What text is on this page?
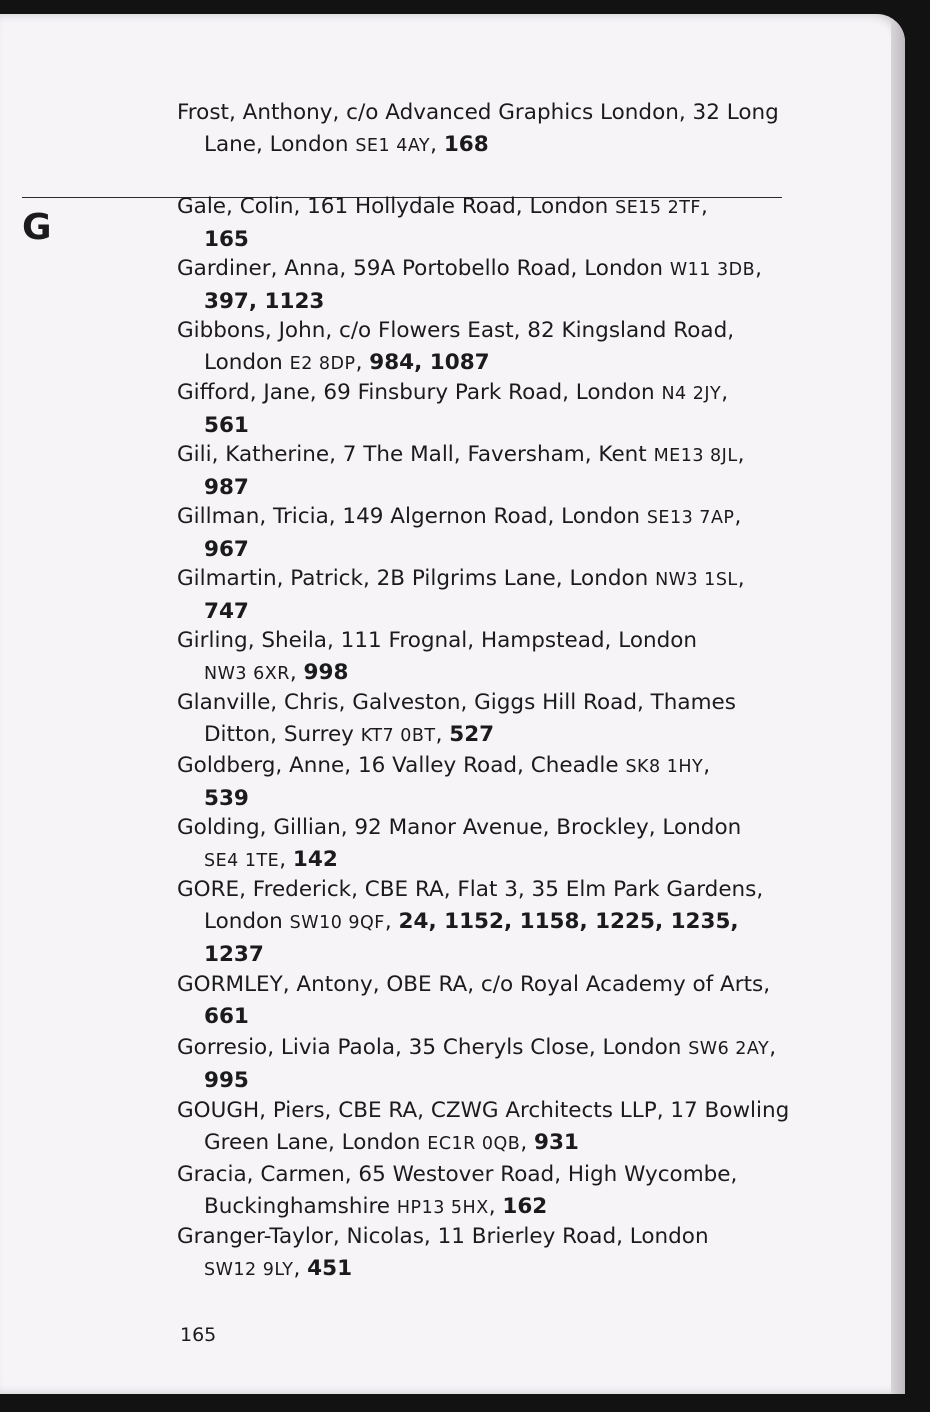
G
Frost, Anthony, c/o Advanced Graphics London, 32 Long
Lane, London SE1 4AY, 168
Gale, Colin, 161 Hollydale Road, London SE15 2TF,
165
Gardiner, Anna, 59A Portobello Road, London W11 3DB,
397, 1123
Gibbons, John, c/o Flowers East, 82 Kingsland Road,
London E2 8DP, 984, 1087
Gifford, Jane, 69 Finsbury Park Road, London N4 2JY,
561
Gili, Katherine, 7 The Mall, Faversham, Kent ME13 8JL,
987
Gillman, Tricia, 149 Algernon Road, London SE13 7AP,
967
Gilmartin, Patrick, 2B Pilgrims Lane, London NW3 1SL,
747
Girling, Sheila, 111 Frognal, Hampstead, London
NW3 6XR, 998
Glanville, Chris, Galveston, Giggs Hill Road, Thames
Ditton, Surrey KT7 0BT, 527
Goldberg, Anne, 16 Valley Road, Cheadle SK8 1HY,
539
Golding, Gillian, 92 Manor Avenue, Brockley, London
SE4 1TE, 142
GORE, Frederick, CBE RA, Flat 3, 35 Elm Park Gardens,
London SW10 9QF, 24, 1152, 1158, 1225, 1235,
1237
GORMLEY, Antony, OBE RA, c/o Royal Academy of Arts,
661
Gorresio, Livia Paola, 35 Cheryls Close, London SW6 2AY,
995
GOUGH, Piers, CBE RA, CZWG Architects LLP, 17 Bowling
Green Lane, London EC1R 0QB, 931
Gracia, Carmen, 65 Westover Road, High Wycombe,
Buckinghamshire HP13 5HX, 162
Granger-Taylor, Nicolas, 11 Brierley Road, London
SW12 9LY, 451
165
